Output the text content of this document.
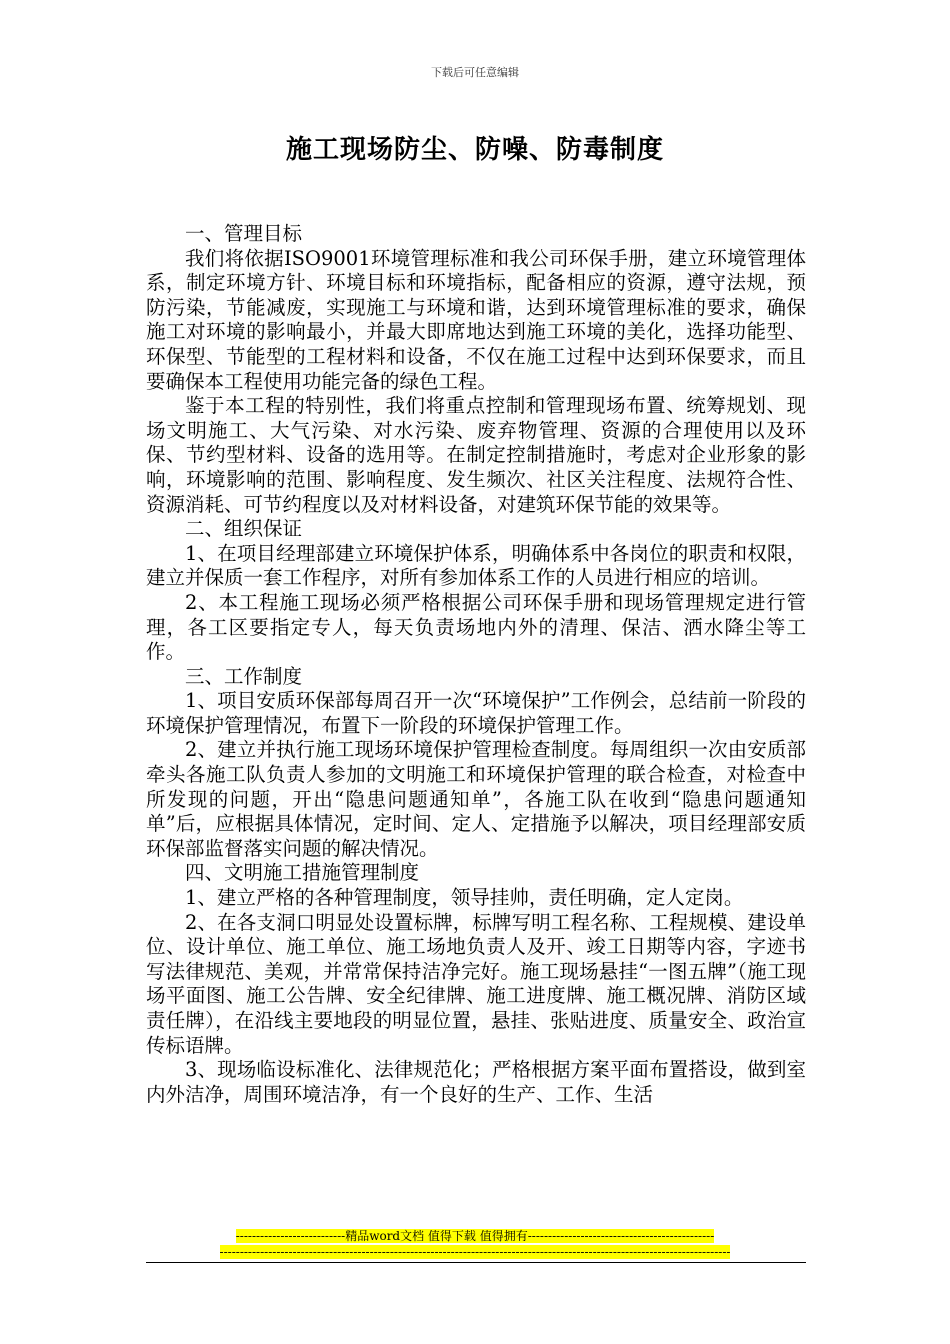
下载后可任意编辑
施工现场防尘、防噪、防毒制度

一、管理目标

我们将依据ISO9001环境管理标准和我公司环保手册，建立环境管理体系，制定环境方针、环境目标和环境指标，配备相应的资源，遵守法规，预防污染，节能减废，实现施工与环境和谐，达到环境管理标准的要求，确保施工对环境的影响最小，并最大即席地达到施工环境的美化，选择功能型、环保型、节能型的工程材料和设备，不仅在施工过程中达到环保要求，而且要确保本工程使用功能完备的绿色工程。

鉴于本工程的特别性，我们将重点控制和管理现场布置、统筹规划、现场文明施工、大气污染、对水污染、废弃物管理、资源的合理使用以及环保、节约型材料、设备的选用等。在制定控制措施时，考虑对企业形象的影响，环境影响的范围、影响程度、发生频次、社区关注程度、法规符合性、资源消耗、可节约程度以及对材料设备，对建筑环保节能的效果等。

二、组织保证

1、在项目经理部建立环境保护体系，明确体系中各岗位的职责和权限，建立并保质一套工作程序，对所有参加体系工作的人员进行相应的培训。

2、本工程施工现场必须严格根据公司环保手册和现场管理规定进行管理，各工区要指定专人，每天负责场地内外的清理、保洁、洒水降尘等工作。

三、工作制度

1、项目安质环保部每周召开一次“环境保护”工作例会，总结前一阶段的环境保护管理情况，布置下一阶段的环境保护管理工作。

2、建立并执行施工现场环境保护管理检查制度。每周组织一次由安质部牵头各施工队负责人参加的文明施工和环境保护管理的联合检查，对检查中所发现的问题，开出“隐患问题通知单”，各施工队在收到“隐患问题通知单”后，应根据具体情况，定时间、定人、定措施予以解决，项目经理部安质环保部监督落实问题的解决情况。

四、文明施工措施管理制度

1、建立严格的各种管理制度，领导挂帅，责任明确，定人定岗。

2、在各支洞口明显处设置标牌，标牌写明工程名称、工程规模、建设单位、设计单位、施工单位、施工场地负责人及开、竣工日期等内容，字迹书写法律规范、美观，并常常保持洁净完好。施工现场悬挂“一图五牌”（施工现场平面图、施工公告牌、安全纪律牌、施工进度牌、施工概况牌、消防区域责任牌），在沿线主要地段的明显位置，悬挂、张贴进度、质量安全、政治宣传标语牌。

3、现场临设标准化、法律规范化；严格根据方案平面布置搭设，做到室内外洁净，周围环境洁净，有一个良好的生产、工作、生活

---------------------------精品word文档 值得下载 值得拥有----------------------------------------------
------------------------------------------------------------------------------------------------------------------------------
